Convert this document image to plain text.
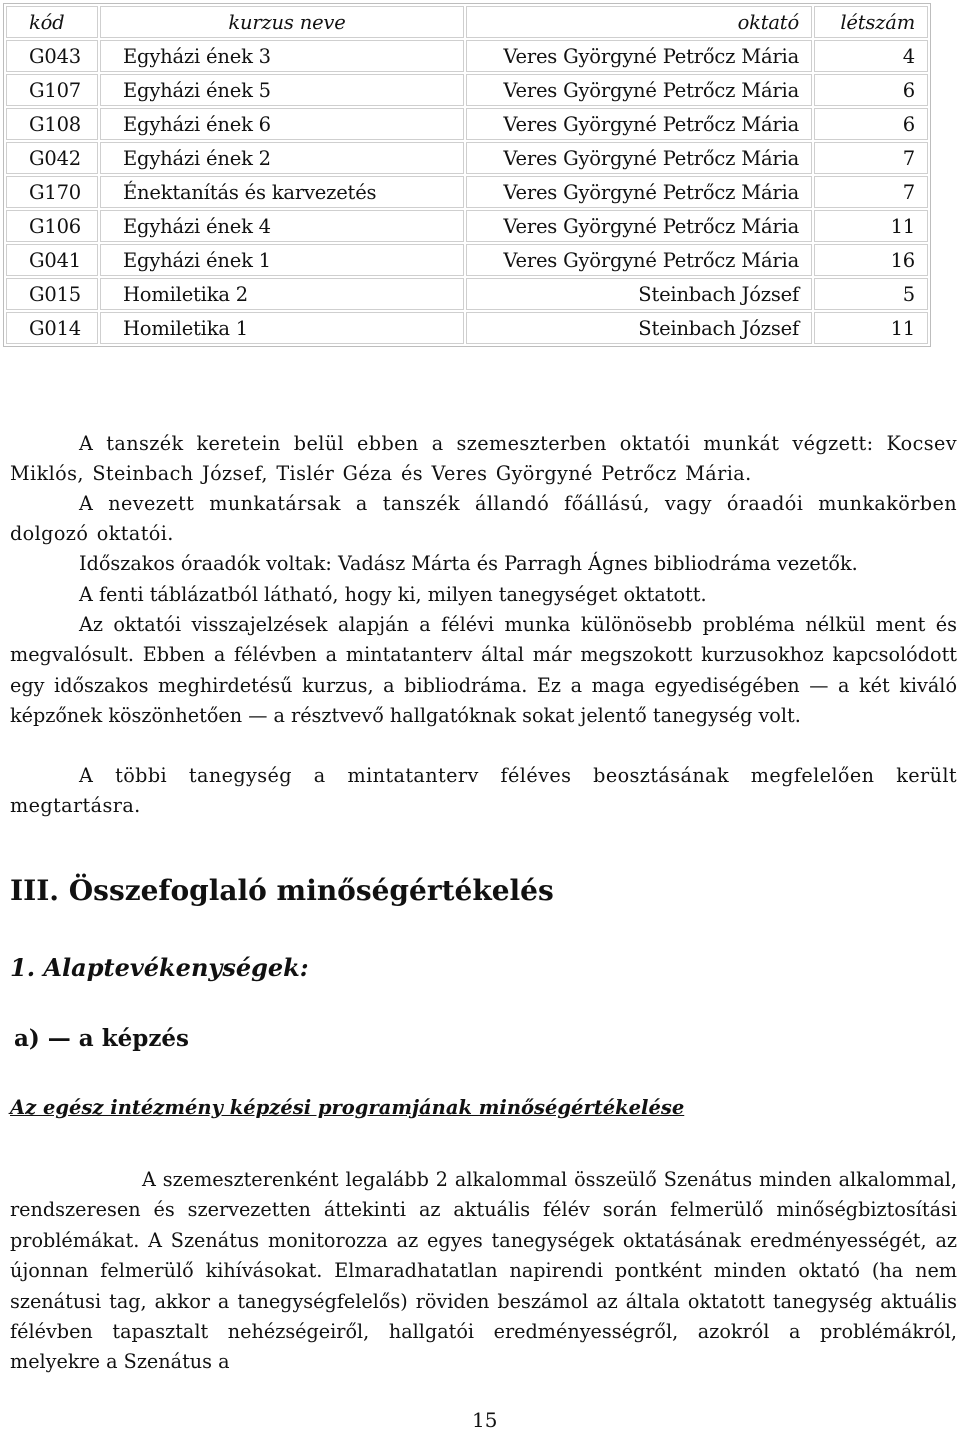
kód	kurzus neve	oktató	létszám
G043	Egyházi ének 3	Veres Györgyné Petrőcz Mária	4
G107	Egyházi ének 5	Veres Györgyné Petrőcz Mária	6
G108	Egyházi ének 6	Veres Györgyné Petrőcz Mária	6
G042	Egyházi ének 2	Veres Györgyné Petrőcz Mária	7
G170	Énektanítás és karvezetés	Veres Györgyné Petrőcz Mária	7
G106	Egyházi ének 4	Veres Györgyné Petrőcz Mária	11
G041	Egyházi ének 1	Veres Györgyné Petrőcz Mária	16
G015	Homiletika 2	Steinbach József	5
G014	Homiletika 1	Steinbach József	11

A tanszék keretein belül ebben a szemeszterben oktatói munkát végzett: Kocsev Miklós, Steinbach József, Tislér Géza és Veres Györgyné Petrőcz Mária.

A nevezett munkatársak a tanszék állandó főállású, vagy óraadói munkakörben dolgozó oktatói.

Időszakos óraadók voltak: Vadász Márta és Parragh Ágnes bibliodráma vezetők.

A fenti táblázatból látható, hogy ki, milyen tanegységet oktatott.

Az oktatói visszajelzések alapján a félévi munka különösebb probléma nélkül ment és megvalósult. Ebben a félévben a mintatanterv által már megszokott kurzusokhoz kapcsolódott egy időszakos meghirdetésű kurzus, a bibliodráma. Ez a maga egyediségében — a két kiváló képzőnek köszönhetően — a résztvevő hallgatóknak sokat jelentő tanegység volt.

A többi tanegység a mintatanterv féléves beosztásának megfelelően került megtartásra.

III. Összefoglaló minőségértékelés
1. Alaptevékenységek:
a) — a képzés

Az egész intézmény képzési programjának minőségértékelése

A szemeszterenként legalább 2 alkalommal összeülő Szenátus minden alkalommal, rendszeresen és szervezetten áttekinti az aktuális félév során felmerülő minőségbiztosítási problémákat. A Szenátus monitorozza az egyes tanegységek oktatásának eredményességét, az újonnan felmerülő kihívásokat. Elmaradhatatlan napirendi pontként minden oktató (ha nem szenátusi tag, akkor a tanegységfelelős) röviden beszámol az általa oktatott tanegység aktuális félévben tapasztalt nehézségeiről, hallgatói eredményességről, azokról a problémákról, melyekre a Szenátus a

15
